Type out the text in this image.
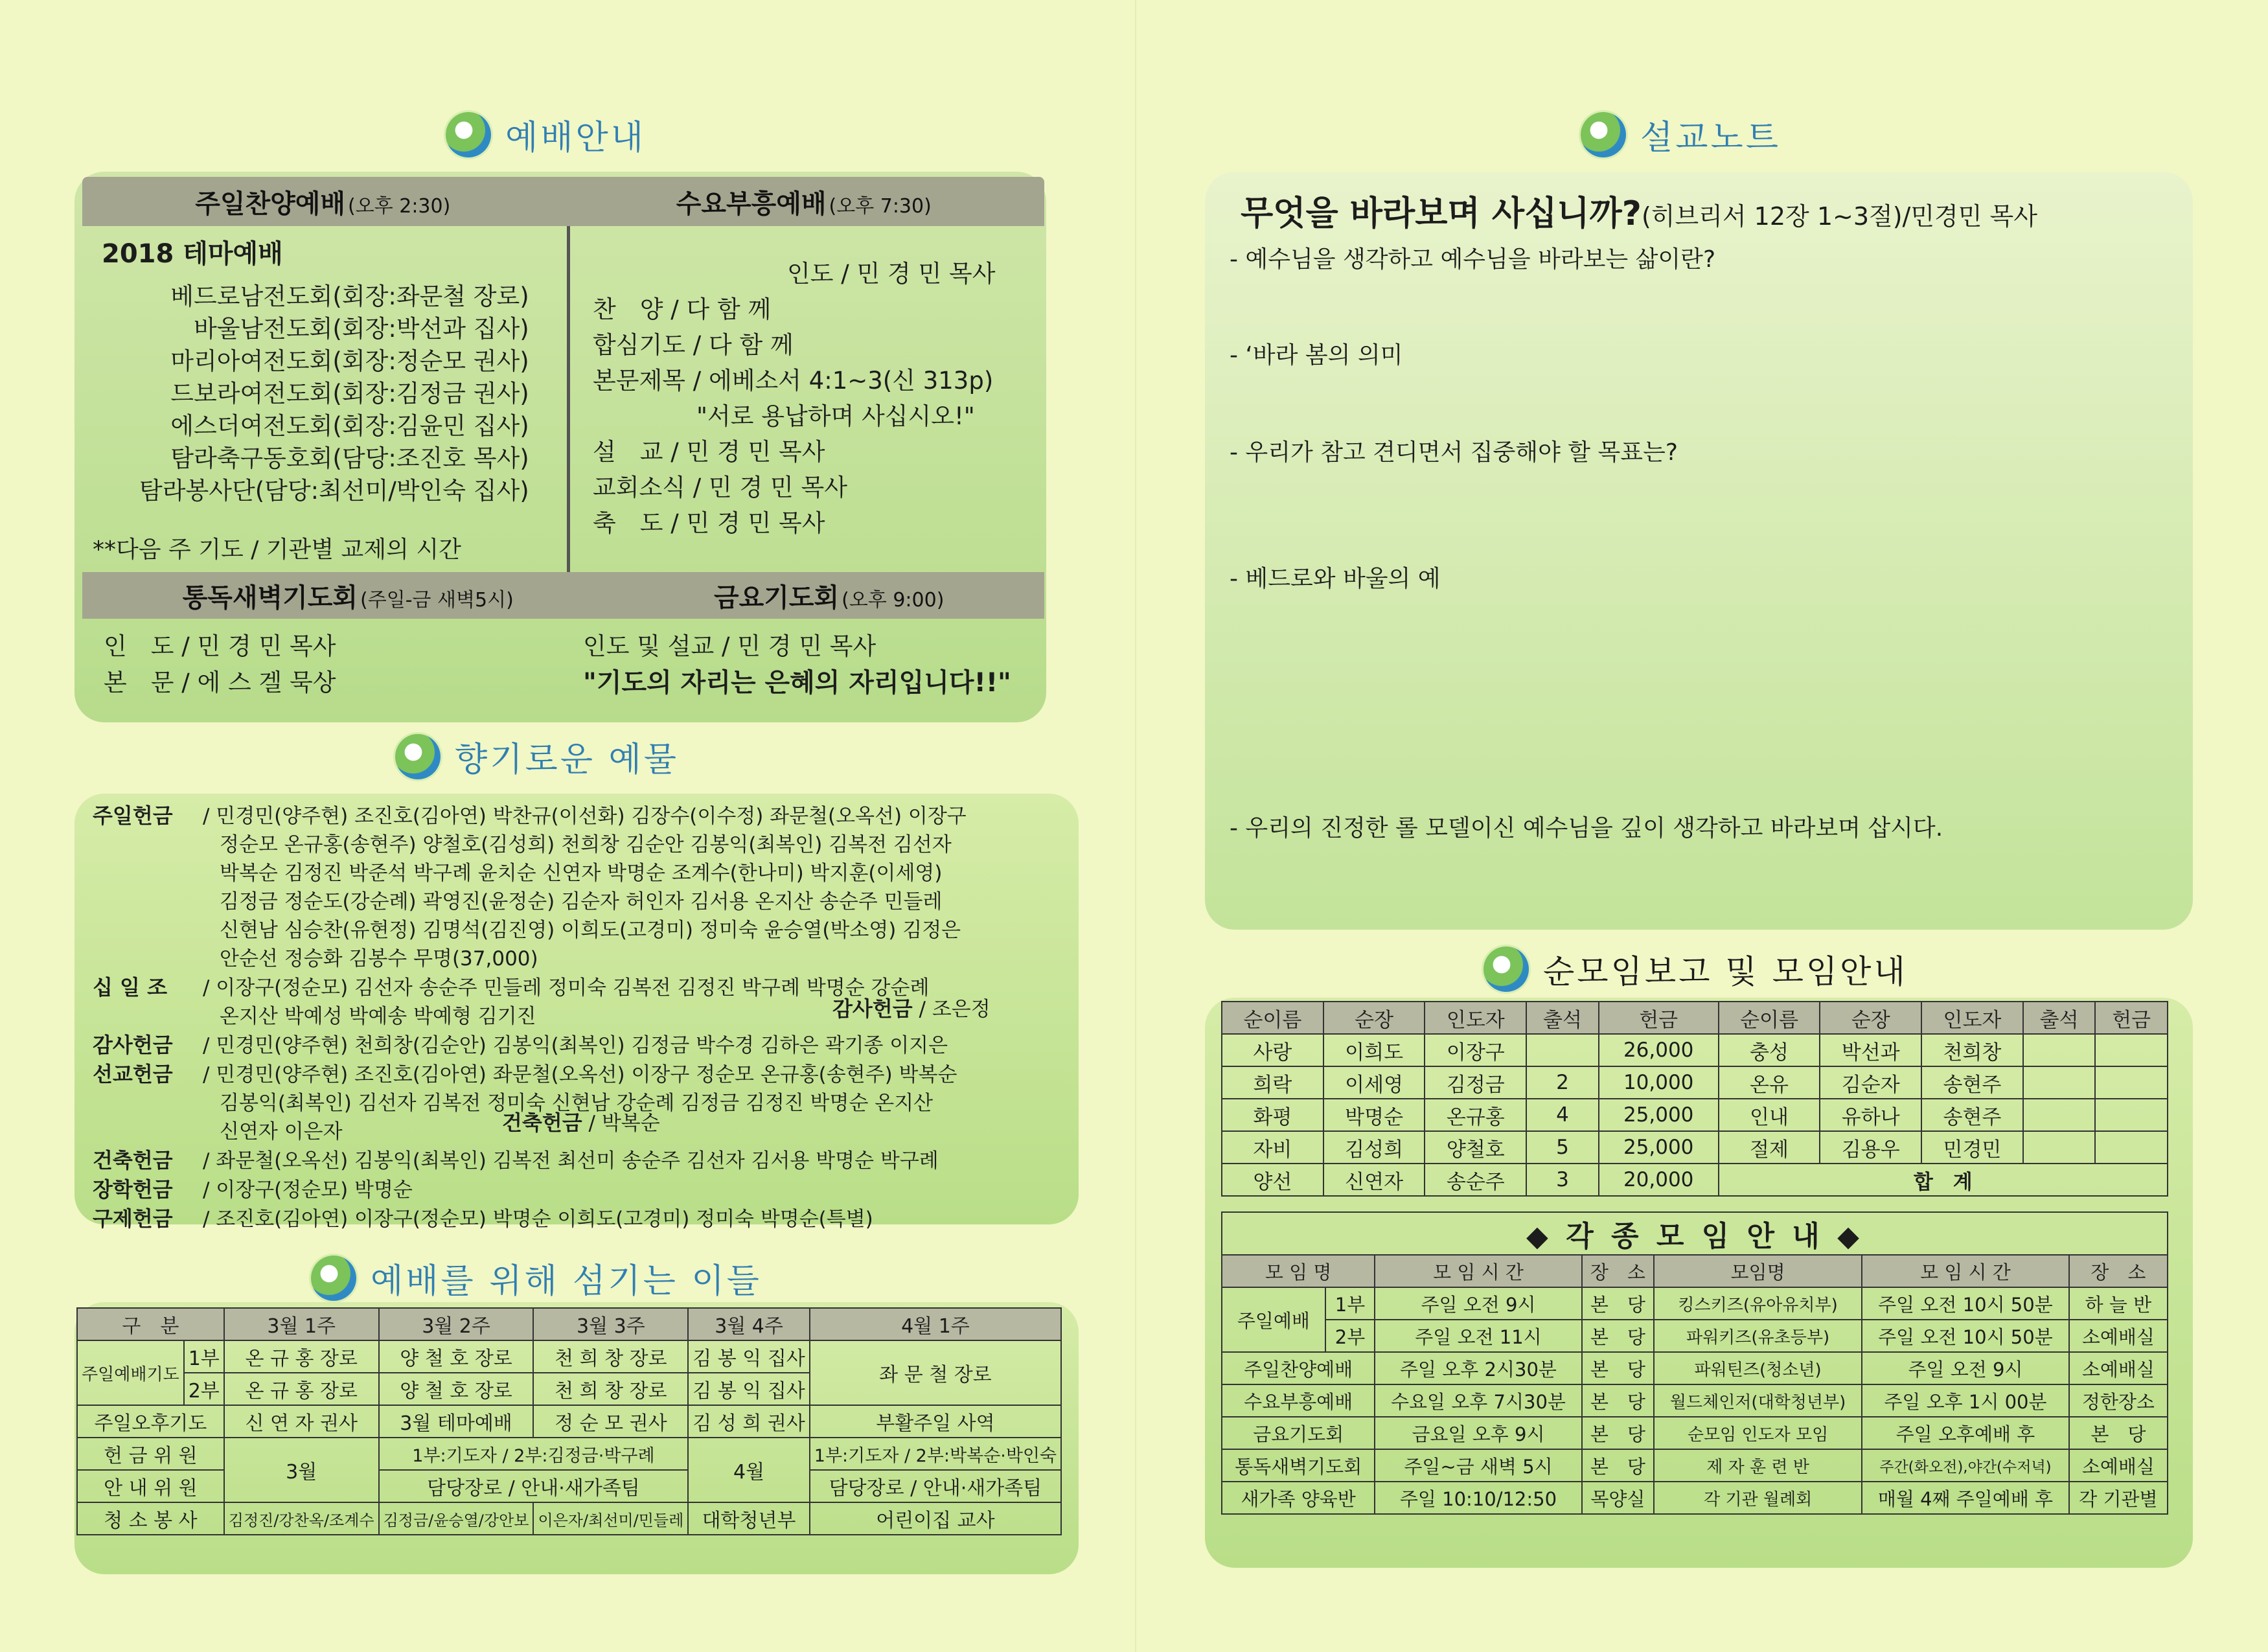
예배안내
주일찬양예배 (오후 2:30)	수요부흥예배 (오후 7:30)
2018 테마예배
베드로남전도회(회장:좌문철 장로)
바울남전도회(회장:박선과 집사)
마리아여전도회(회장:정순모 권사)
드보라여전도회(회장:김정금 권사)
에스더여전도회(회장:김윤민 집사)
탐라축구동호회(담당:조진호 목사)
탐라봉사단(담당:최선미/박인숙 집사)
**다음 주 기도 / 기관별 교제의 시간
인도 / 민 경 민 목사
찬　양 / 다 함 께
합심기도 / 다 함 께
본문제목 / 에베소서 4:1~3(신 313p)
"서로 용납하며 사십시오!"
설　교 / 민 경 민 목사
교회소식 / 민 경 민 목사
축　도 / 민 경 민 목사
통독새벽기도회 (주일-금 새벽5시)	금요기도회 (오후 9:00)
인　도 / 민 경 민 목사
본　문 / 에 스 겔 묵상
인도 및 설교 / 민 경 민 목사
"기도의 자리는 은혜의 자리입니다!!"
향기로운 예물
주일헌금 / 민경민(양주현) 조진호(김아연) 박찬규(이선화) 김장수(이수정) 좌문철(오옥선) 이장구
정순모 온규홍(송현주) 양철호(김성희) 천희창 김순안 김봉익(최복인) 김복전 김선자
박복순 김정진 박준석 박구례 윤치순 신연자 박명순 조계수(한나미) 박지훈(이세영)
김정금 정순도(강순례) 곽영진(윤정순) 김순자 허인자 김서용 온지산 송순주 민들레
신현남 심승찬(유현정) 김명석(김진영) 이희도(고경미) 정미숙 윤승열(박소영) 김정은
안순선 정승화 김봉수 무명(37,000)
십 일 조 / 이장구(정순모) 김선자 송순주 민들레 정미숙 김복전 김정진 박구례 박명순 강순례
온지산 박예성 박예송 박예형 김기진
감사헌금 / 민경민(양주현) 천희창(김순안) 김봉익(최복인) 김정금 박수경 김하은 곽기종 이지은
선교헌금 / 민경민(양주현) 조진호(김아연) 좌문철(오옥선) 이장구 정순모 온규홍(송현주) 박복순
김봉익(최복인) 김선자 김복전 정미숙 신현남 강순례 김정금 김정진 박명순 온지산
신연자 이은자
건축헌금 / 좌문철(오옥선) 김봉익(최복인) 김복전 최선미 송순주 김선자 김서용 박명순 박구례
장학헌금 / 이장구(정순모) 박명순
구제헌금 / 조진호(김아연) 이장구(정순모) 박명순 이희도(고경미) 정미숙 박명순(특별)
감사헌금 / 조은정
건축헌금 / 박복순
예배를 위해 섬기는 이들
구　분		3월 1주	3월 2주	3월 3주	3월 4주	4월 1주
주일예배기도	1부	온 규 홍 장로	양 철 호 장로	천 희 창 장로	김 봉 익 집사	좌 문 철 장로
	2부	온 규 홍 장로	양 철 호 장로	천 희 창 장로	김 봉 익 집사	
주일오후기도		신 연 자 권사	3월 테마예배	정 순 모 권사	김 성 희 권사	부활주일 사역
헌 금 위 원		3월	1부:기도자 / 2부:김정금·박구례		4월	1부:기도자 / 2부:박복순·박인숙
안 내 위 원			담당장로 / 안내·새가족팀			담당장로 / 안내·새가족팀
청 소 봉 사		김정진/강찬옥/조계수	김정금/윤승열/강안보	이은자/최선미/민들레	대학청년부	어린이집 교사
설교노트
무엇을 바라보며 사십니까?(히브리서 12장 1~3절)/민경민 목사
- 예수님을 생각하고 예수님을 바라보는 삶이란?
- ‘바라 봄의 의미
- 우리가 참고 견디면서 집중해야 할 목표는?
- 베드로와 바울의 예
- 우리의 진정한 롤 모델이신 예수님을 깊이 생각하고 바라보며 삽시다.
순모임보고 및 모임안내
순이름	순장	인도자	출석	헌금	순이름	순장	인도자	출석	헌금
사랑	이희도	이장구		26,000	충성	박선과	천희창		
희락	이세영	김정금	2	10,000	온유	김순자	송현주		
화평	박명순	온규홍	4	25,000	인내	유하나	송현주		
자비	김성희	양철호	5	25,000	절제	김용우	민경민		
양선	신연자	송순주	3	20,000	합　계				
◆ 각 종 모 임 안 내 ◆						
모 임 명		모 임 시 간	장　소	모임명	모 임 시 간	장　소
주일예배	1부	주일 오전 9시	본　당	킹스키즈(유아유치부)	주일 오전 10시 50분	하 늘 반
	2부	주일 오전 11시	본　당	파워키즈(유초등부)	주일 오전 10시 50분	소예배실
주일찬양예배		주일 오후 2시30분	본　당	파워틴즈(청소년)	주일 오전 9시	소예배실
수요부흥예배		수요일 오후 7시30분	본　당	월드체인저(대학청년부)	주일 오후 1시 00분	정한장소
금요기도회		금요일 오후 9시	본　당	순모임 인도자 모임	주일 오후예배 후	본　당
통독새벽기도회		주일~금 새벽 5시	본　당	제 자 훈 련 반	주간(화오전),야간(수저녁)	소예배실
새가족 양육반		주일 10:10/12:50	목양실	각 기관 월례회	매월 4째 주일예배 후	각 기관별
